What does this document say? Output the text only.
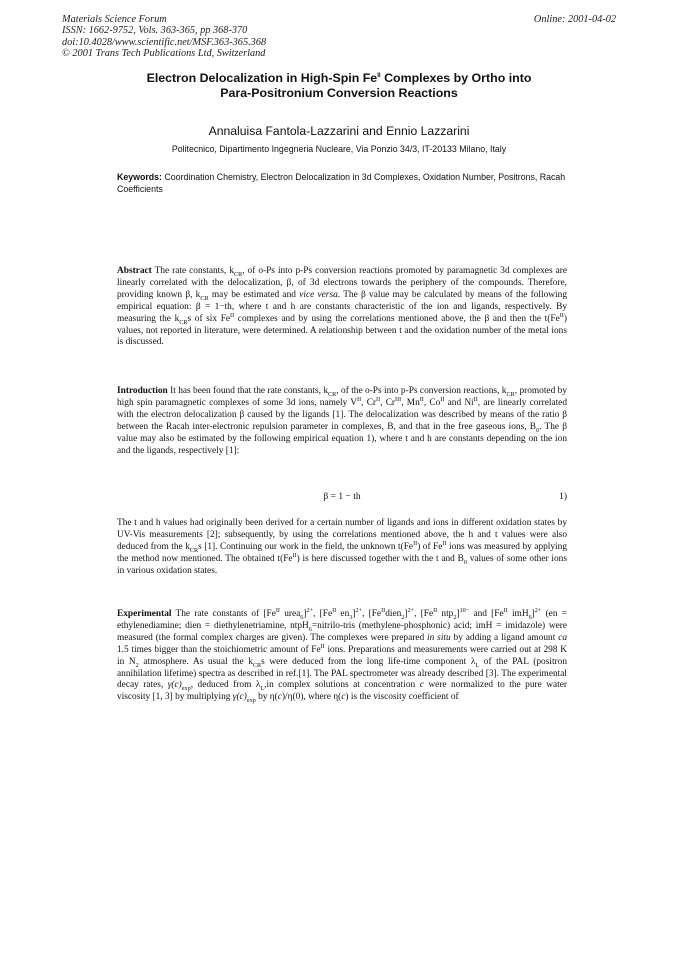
Materials Science Forum
ISSN: 1662-9752, Vols. 363-365, pp 368-370
doi:10.4028/www.scientific.net/MSF.363-365.368
© 2001 Trans Tech Publications Ltd, Switzerland
Online: 2001-04-02
Electron Delocalization in High-Spin $Fe^{II}$ Complexes by Ortho into
Para-Positronium Conversion Reactions
Annaluisa Fantola-Lazzarini and Ennio Lazzarini
Politecnico, Dipartimento Ingegneria Nucleare, Via Ponzio 34/3, IT-20133 Milano, Italy
Keywords: Coordination Chemistry, Electron Delocalization in 3d Complexes, Oxidation Number, Positrons, Racah Coefficients

Abstract The rate constants, $k_{CR}$, of o-Ps into p-Ps conversion reactions promoted by paramagnetic 3d complexes are linearly correlated with the delocalization, β, of 3d electrons towards the periphery of the compounds. Therefore, providing known β, $k_{CR}$ may be estimated and vice versa. The β value may be calculated by means of the following empirical equation: β = 1−th, where t and h are constants characteristic of the ion and ligands, respectively. By measuring the $k_{CR}s$ of six $Fe^{II}$ complexes and by using the correlations mentioned above, the β and then the $t(Fe^{II})$ values, not reported in literature, were determined. A relationship between t and the oxidation number of the metal ions is discussed.

Introduction It has been found that the rate constants, $k_{CR}$, of the o-Ps into p-Ps conversion reactions, $k_{CR}$, promoted by high spin paramagnetic complexes of some 3d ions, namely $V^{II}$, $Cr^{II}$, $Cr^{III}$, $Mn^{II}$, $Co^{II}$ and $Ni^{II}$, are linearly correlated with the electron delocalization β caused by the ligands [1]. The delocalization was described by means of the ratio β between the Racah inter-electronic repulsion parameter in complexes, B, and that in the free gaseous ions, $B_0$. The β value may also be estimated by the following empirical equation 1), where t and h are constants depending on the ion and the ligands, respectively [1]:

β = 1 − th	1)

The t and h values had originally been derived for a certain number of ligands and ions in different oxidation states by UV-Vis measurements [2]; subsequently, by using the correlations mentioned above, the h and t values were also deduced from the $k_{CR}s$ [1]. Continuing our work in the field, the unknown $t(Fe^{II})$ of $Fe^{II}$ ions was measured by applying the method now mentioned. The obtained $t(Fe^{II})$ is here discussed together with the t and $B_0$ values of some other ions in various oxidation states.

Experimental The rate constants of [$Fe^{II}$ urea$_6$]$^{2+}$, [$Fe^{II}$ $en_3]^{2+}$, $[Fe^{II}dien_2]^{2+}$, [$Fe^{II}$ ntp$_2$]$^{10-}$ and [$Fe^{II}$ imH$_6$]$^{2+}$ (en = ethylenediamine; dien = diethylenetriamine, ntpH$_6$=nitrilo-tris (methylene-phosphonic) acid; imH = imidazole) were measured (the formal complex charges are given). The complexes were prepared in situ by adding a ligand amount ca 1.5 times bigger than the stoichiometric amount of $Fe^{II}$ ions. Preparations and measurements were carried out at 298 K in $N_2$ atmosphere. As usual the $k_{CR}s$ were deduced from the long life-time component $\lambda_L$ of the PAL (positron annihilation lifetime) spectra as described in ref.[1]. The PAL spectrometer was already described [3]. The experimental decay rates, $\gamma(c)_{exp}$, deduced from $\lambda_L,in$ complex solutions at concentration c were normalized to the pure water viscosity [1, 3] by multiplying $\gamma(c)_{exp}$ by η(c)/η(0), where η(c) is the viscosity coefficient of
